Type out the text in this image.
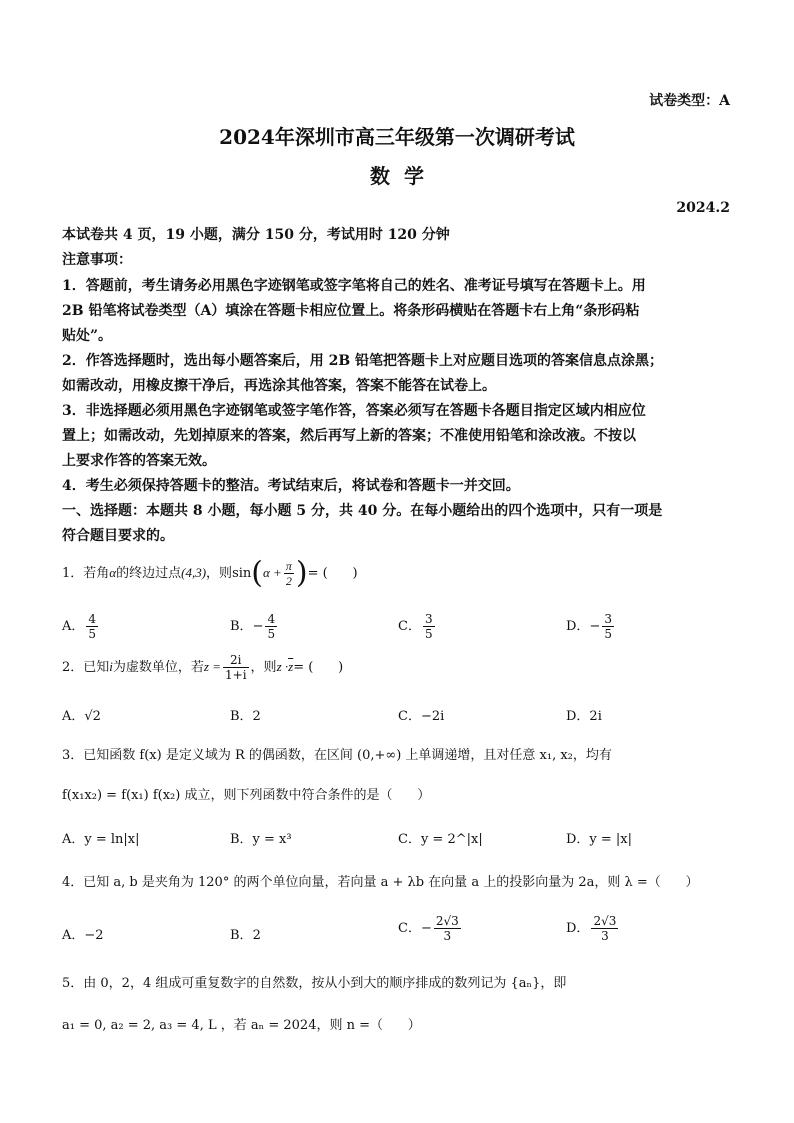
试卷类型：A
2024年深圳市高三年级第一次调研考试
数  学
2024.2
本试卷共 4 页，19 小题，满分 150 分，考试用时 120 分钟
注意事项：
1．答题前，考生请务必用黑色字迹钢笔或签字笔将自己的姓名、准考证号填写在答题卡上。用
2B 铅笔将试卷类型（A）填涂在答题卡相应位置上。将条形码横贴在答题卡右上角“条形码粘
贴处”。
2．作答选择题时，选出每小题答案后，用 2B 铅笔把答题卡上对应题目选项的答案信息点涂黑；
如需改动，用橡皮擦干净后，再选涂其他答案，答案不能答在试卷上。
3．非选择题必须用黑色字迹钢笔或签字笔作答，答案必须写在答题卡各题目指定区域内相应位
置上；如需改动，先划掉原来的答案，然后再写上新的答案；不准使用铅笔和涂改液。不按以
上要求作答的答案无效。
4．考生必须保持答题卡的整洁。考试结束后，将试卷和答题卡一并交回。
一、选择题：本题共 8 小题，每小题 5 分，共 40 分。在每小题给出的四个选项中，只有一项是
符合题目要求的。
1．若角α的终边过点(4,3)，则$\sin(\alpha + \frac{\pi}{2}$ )= (      )
A． $\frac{4}{5}$	B．− $\frac{4}{5}$	C． $\frac{3}{5}$	D．− $\frac{3}{5}$
2．已知i为虚数单位，若$z = \frac{2i}{1+i}$ ，则$z \cdot\overline{z}=$ (      )
A．√2	B．2	C．−2i	D．2i
3．已知函数 f(x) 是定义域为 R 的偶函数，在区间 (0,+∞) 上单调递增，且对任意 x₁, x₂，均有
f(x₁x₂) = f(x₁) f(x₂) 成立，则下列函数中符合条件的是（      ）
A．y = ln|x|	B．y = x³	C．y = 2^|x|	D．y = |x|
4．已知 a, b 是夹角为 120° 的两个单位向量，若向量 a + λb 在向量 a 上的投影向量为 2a，则 λ =（      ）
A．−2	B．2	C．− $\frac{2√3}{3}$	D． $\frac{2√3}{3}$
5．由 0，2，4 组成可重复数字的自然数，按从小到大的顺序排成的数列记为 {aₙ}，即
a₁ = 0, a₂ = 2, a₃ = 4, L ，若 aₙ = 2024，则 n =（      ）
